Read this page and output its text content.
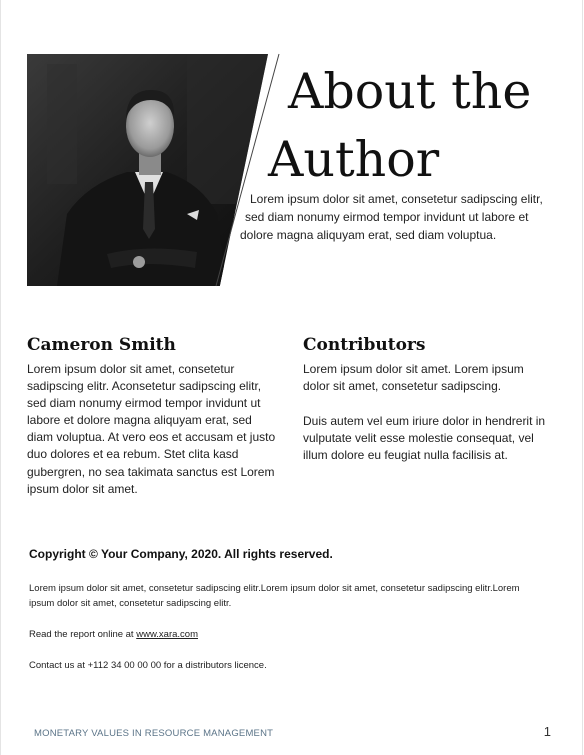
About the
Author

Lorem ipsum dolor sit amet, consetetur sadipscing elitr,
sed diam nonumy eirmod tempor invidunt ut labore et
dolore magna aliquyam erat, sed diam voluptua.

Cameron Smith

Lorem ipsum dolor sit amet, consetetur
sadipscing elitr. Aconsetetur sadipscing elitr,
sed diam nonumy eirmod tempor invidunt ut
labore et dolore magna aliquyam erat, sed
diam voluptua. At vero eos et accusam et justo
duo dolores et ea rebum. Stet clita kasd
gubergren, no sea takimata sanctus est Lorem
ipsum dolor sit amet.

Contributors

Lorem ipsum dolor sit amet. Lorem ipsum
dolor sit amet, consetetur sadipscing.

Duis autem vel eum iriure dolor in hendrerit in
vulputate velit esse molestie consequat, vel
illum dolore eu feugiat nulla facilisis at.

Copyright © Your Company, 2020. All rights reserved.

Lorem ipsum dolor sit amet, consetetur sadipscing elitr.Lorem ipsum dolor sit amet, consetetur sadipscing elitr.Lorem
ipsum dolor sit amet, consetetur sadipscing elitr.

Read the report online at www.xara.com

Contact us at +112 34 00 00 00 for a distributors licence.

MONETARY VALUES IN RESOURCE MANAGEMENT	1
